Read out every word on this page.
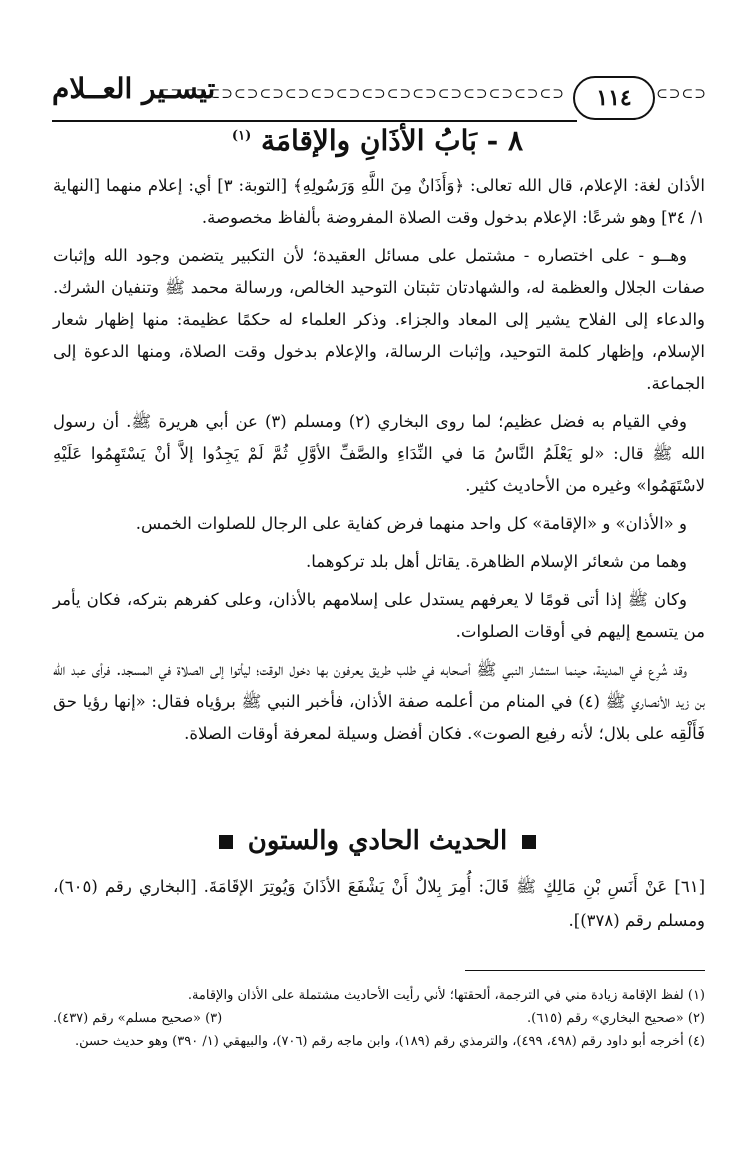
⊂⊃⊂⊃
١١٤
⊂⊃⊂⊃⊂⊃⊂⊃⊂⊃⊂⊃⊂⊃⊂⊃⊂⊃⊂⊃⊂⊃⊂⊃⊂⊃⊂⊃⊂⊃⊂⊃
تيسـير العــلام
٨ - بَابُ الأذَانِ والإقامَة $^{(١)}$

الأذان لغة: الإعلام، قال الله تعالى: ﴿وَأَذَانٌ مِنَ اللَّهِ وَرَسُولِهِ﴾ [التوبة: ٣] أي: إعلام منهما [النهاية ١/ ٣٤] وهو شرعًا: الإعلام بدخول وقت الصلاة المفروضة بألفاظ مخصوصة.

وهــو - على اختصاره - مشتمل على مسائل العقيدة؛ لأن التكبير يتضمن وجود الله وإثبات صفات الجلال والعظمة له، والشهادتان تثبتان التوحيد الخالص، ورسالة محمد ﷺ وتنفيان الشرك. والدعاء إلى الفلاح يشير إلى المعاد والجزاء. وذكر العلماء له حكمًا عظيمة: منها إظهار شعار الإسلام، وإظهار كلمة التوحيد، وإثبات الرسالة، والإعلام بدخول وقت الصلاة، ومنها الدعوة إلى الجماعة.

وفي القيام به فضل عظيم؛ لما روى البخاري (٢) ومسلم (٣) عن أبي هريرة ﷺ. أن رسول الله ﷺ قال: «لو يَعْلَمُ النَّاسُ مَا في النِّدَاءِ والصَّفِّ الأوَّلِ ثُمَّ لَمْ يَجِدُوا إلاَّ أنْ يَسْتَهِمُوا عَلَيْهِ لاسْتَهَمُوا» وغيره من الأحاديث كثير.

و «الأذان» و «الإقامة» كل واحد منهما فرض كفاية على الرجال للصلوات الخمس.

وهما من شعائر الإسلام الظاهرة. يقاتل أهل بلد تركوهما.

وكان ﷺ إذا أتى قومًا لا يعرفهم يستدل على إسلامهم بالأذان، وعلى كفرهم بتركه، فكان يأمر من يتسمع إليهم في أوقات الصلوات.

وقد شُرِع في المدينة، حينما استشار النبي ﷺ أصحابه في طلب طريق يعرفون بها دخول الوقت؛ ليأتوا إلى الصلاة في المسجد. فرأى عبد الله بن زيد الأنصاري ﷺ (٤) في المنام من أعلمه صفة الأذان، فأخبر النبي ﷺ برؤياه فقال: «إنها رؤيا حق فَأَلْقِه على بلال؛ لأنه رفيع الصوت». فكان أفضل وسيلة لمعرفة أوقات الصلاة.

الحديث الحادي والستون
[٦١] عَنْ أَنَسِ بْنِ مَالِكٍ ﷺ قَالَ: أُمِرَ بِلالٌ أَنْ يَشْفَعَ الأذَانَ وَيُوتِرَ الإقَامَةَ. [البخاري رقم (٦٠٥)، ومسلم رقم (٣٧٨)].
(١) لفظ الإقامة زيادة مني في الترجمة، ألحقتها؛ لأني رأيت الأحاديث مشتملة على الأذان والإقامة.
(٢) «صحيح البخاري» رقم (٦١٥).
(٣) «صحيح مسلم» رقم (٤٣٧).
(٤) أخرجه أبو داود رقم (٤٩٨، ٤٩٩)، والترمذي رقم (١٨٩)، وابن ماجه رقم (٧٠٦)، والبيهقي (١/ ٣٩٠) وهو حديث حسن.
